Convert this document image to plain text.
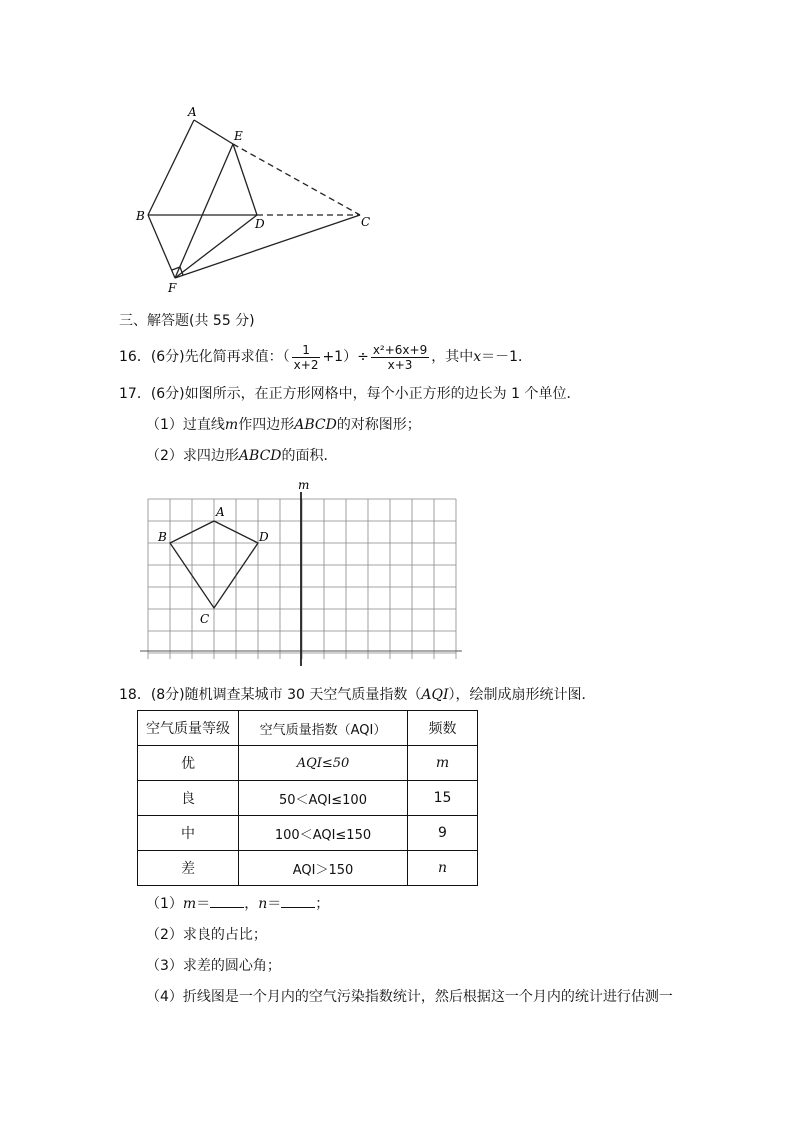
A
E
B
D	C
F
三、解答题(共 55 分)
16．(6分)先化简再求值：（ $\frac{1}{x+2} +1)\div \frac{\text{x²+6x+9}}{x+3}$ ，其中x＝－1．
17．(6分)如图所示，在正方形网格中，每个小正方形的边长为 1 个单位．
（1）过直线m作四边形ABCD的对称图形；
（2）求四边形ABCD的面积．
m
A
B	D
C
18．(8分)随机调查某城市 30 天空气质量指数（AQI），绘制成扇形统计图．
空气质量等级	空气质量指数（AQI）	频数
优	AQI≤50	m
良	50＜AQI≤100	15
中	100＜AQI≤150	9
差	AQI＞150	n
（1）m＝ ，n＝ ；
（2）求良的占比；
（3）求差的圆心角；
（4）折线图是一个月内的空气污染指数统计，然后根据这一个月内的统计进行估测一
